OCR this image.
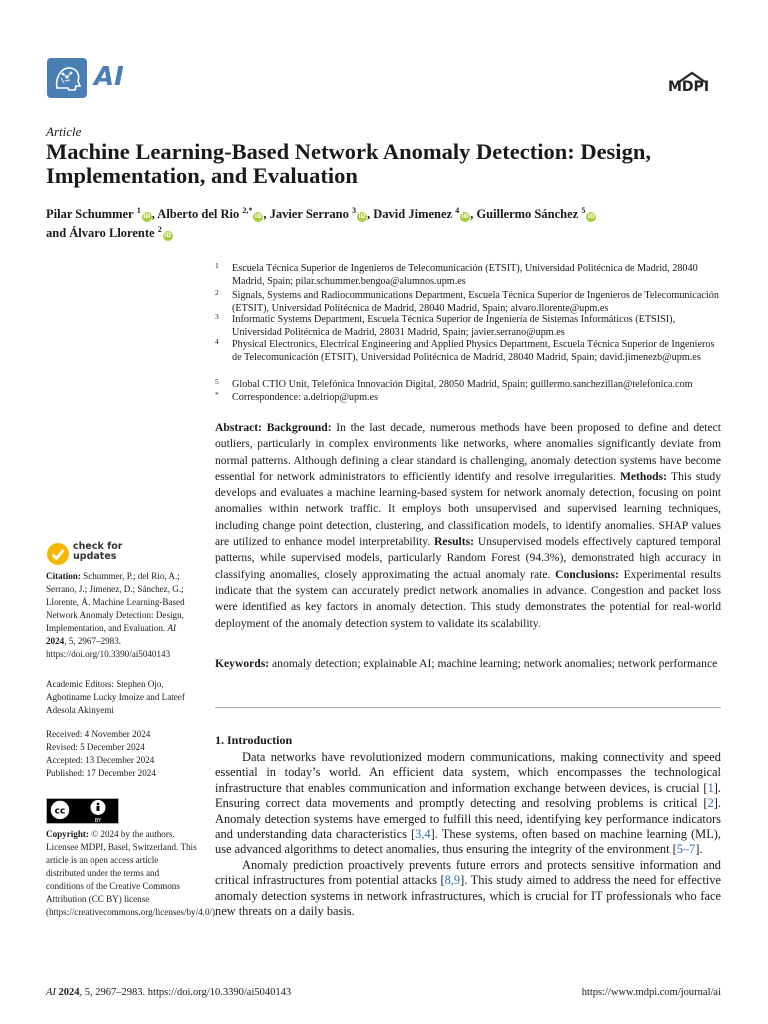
AI	MDPI
Article
Machine Learning-Based Network Anomaly Detection: Design, Implementation, and Evaluation
Pilar Schummer $^1$iD, Alberto del Rio $^{2,*}$iD, Javier Serrano $^3$iD, David Jimenez $^4$iD, Guillermo Sánchez $^5$iD
and Álvaro Llorente $^2$iD
1	Escuela Técnica Superior de Ingenieros de Telecomunicación (ETSIT), Universidad Politécnica de Madrid, 28040 Madrid, Spain; pilar.schummer.bengoa@alumnos.upm.es
2	Signals, Systems and Radiocommunications Department, Escuela Técnica Superior de Ingenieros de Telecomunicación (ETSIT), Universidad Politécnica de Madrid, 28040 Madrid, Spain; alvaro.llorente@upm.es
3	Informatic Systems Department, Escuela Técnica Superior de Ingeniería de Sistemas Informáticos (ETSISI), Universidad Politécnica de Madrid, 28031 Madrid, Spain; javier.serrano@upm.es
4	Physical Electronics, Electrical Engineering and Applied Physics Department, Escuela Técnica Superior de Ingenieros de Telecomunicación (ETSIT), Universidad Politécnica de Madrid, 28040 Madrid, Spain; david.jimenezb@upm.es
5	Global CTIO Unit, Telefónica Innovación Digital, 28050 Madrid, Spain; guillermo.sanchezillan@telefonica.com
*	Correspondence: a.delriop@upm.es
Abstract: Background: In the last decade, numerous methods have been proposed to define and detect outliers, particularly in complex environments like networks, where anomalies significantly deviate from normal patterns. Although defining a clear standard is challenging, anomaly detection systems have become essential for network administrators to efficiently identify and resolve irregularities. Methods: This study develops and evaluates a machine learning-based system for network anomaly detection, focusing on point anomalies within network traffic. It employs both unsupervised and supervised learning techniques, including change point detection, clustering, and classification models, to identify anomalies. SHAP values are utilized to enhance model interpretability. Results: Unsupervised models effectively captured temporal patterns, while supervised models, particularly Random Forest (94.3%), demonstrated high accuracy in classifying anomalies, closely approximating the actual anomaly rate. Conclusions: Experimental results indicate that the system can accurately predict network anomalies in advance. Congestion and packet loss were identified as key factors in anomaly detection. This study demonstrates the potential for real-world deployment of the anomaly detection system to validate its scalability.
Keywords: anomaly detection; explainable AI; machine learning; network anomalies; network performance
check for
updates
Citation: Schummer, P.; del Rio, A.; Serrano, J.; Jimenez, D.; Sánchez, G.; Llorente, Á. Machine Learning-Based Network Anomaly Detection: Design, Implementation, and Evaluation. AI 2024, 5, 2967–2983. https://doi.org/10.3390/ai5040143
Academic Editors: Stephen Ojo, Agbotiname Lucky Imoize and Lateef Adesola Akinyemi
Received: 4 November 2024
Revised: 5 December 2024
Accepted: 13 December 2024
Published: 17 December 2024
cc
BY
Copyright: © 2024 by the authors. Licensee MDPI, Basel, Switzerland. This article is an open access article distributed under the terms and conditions of the Creative Commons Attribution (CC BY) license (https://creativecommons.org/licenses/by/4.0/).
1. Introduction

Data networks have revolutionized modern communications, making connectivity and speed essential in today’s world. An efficient data system, which encompasses the technological infrastructure that enables communication and information exchange between devices, is crucial [1]. Ensuring correct data movements and promptly detecting and resolving problems is critical [2]. Anomaly detection systems have emerged to fulfill this need, identifying key performance indicators and understanding data characteristics [3,4]. These systems, often based on machine learning (ML), use advanced algorithms to detect anomalies, thus ensuring the integrity of the environment [5–7].

Anomaly prediction proactively prevents future errors and protects sensitive information and critical infrastructures from potential attacks [8,9]. This study aimed to address the need for effective anomaly detection systems in network infrastructures, which is crucial for IT professionals who face new threats on a daily basis.

AI 2024, 5, 2967–2983. https://doi.org/10.3390/ai5040143	https://www.mdpi.com/journal/ai
